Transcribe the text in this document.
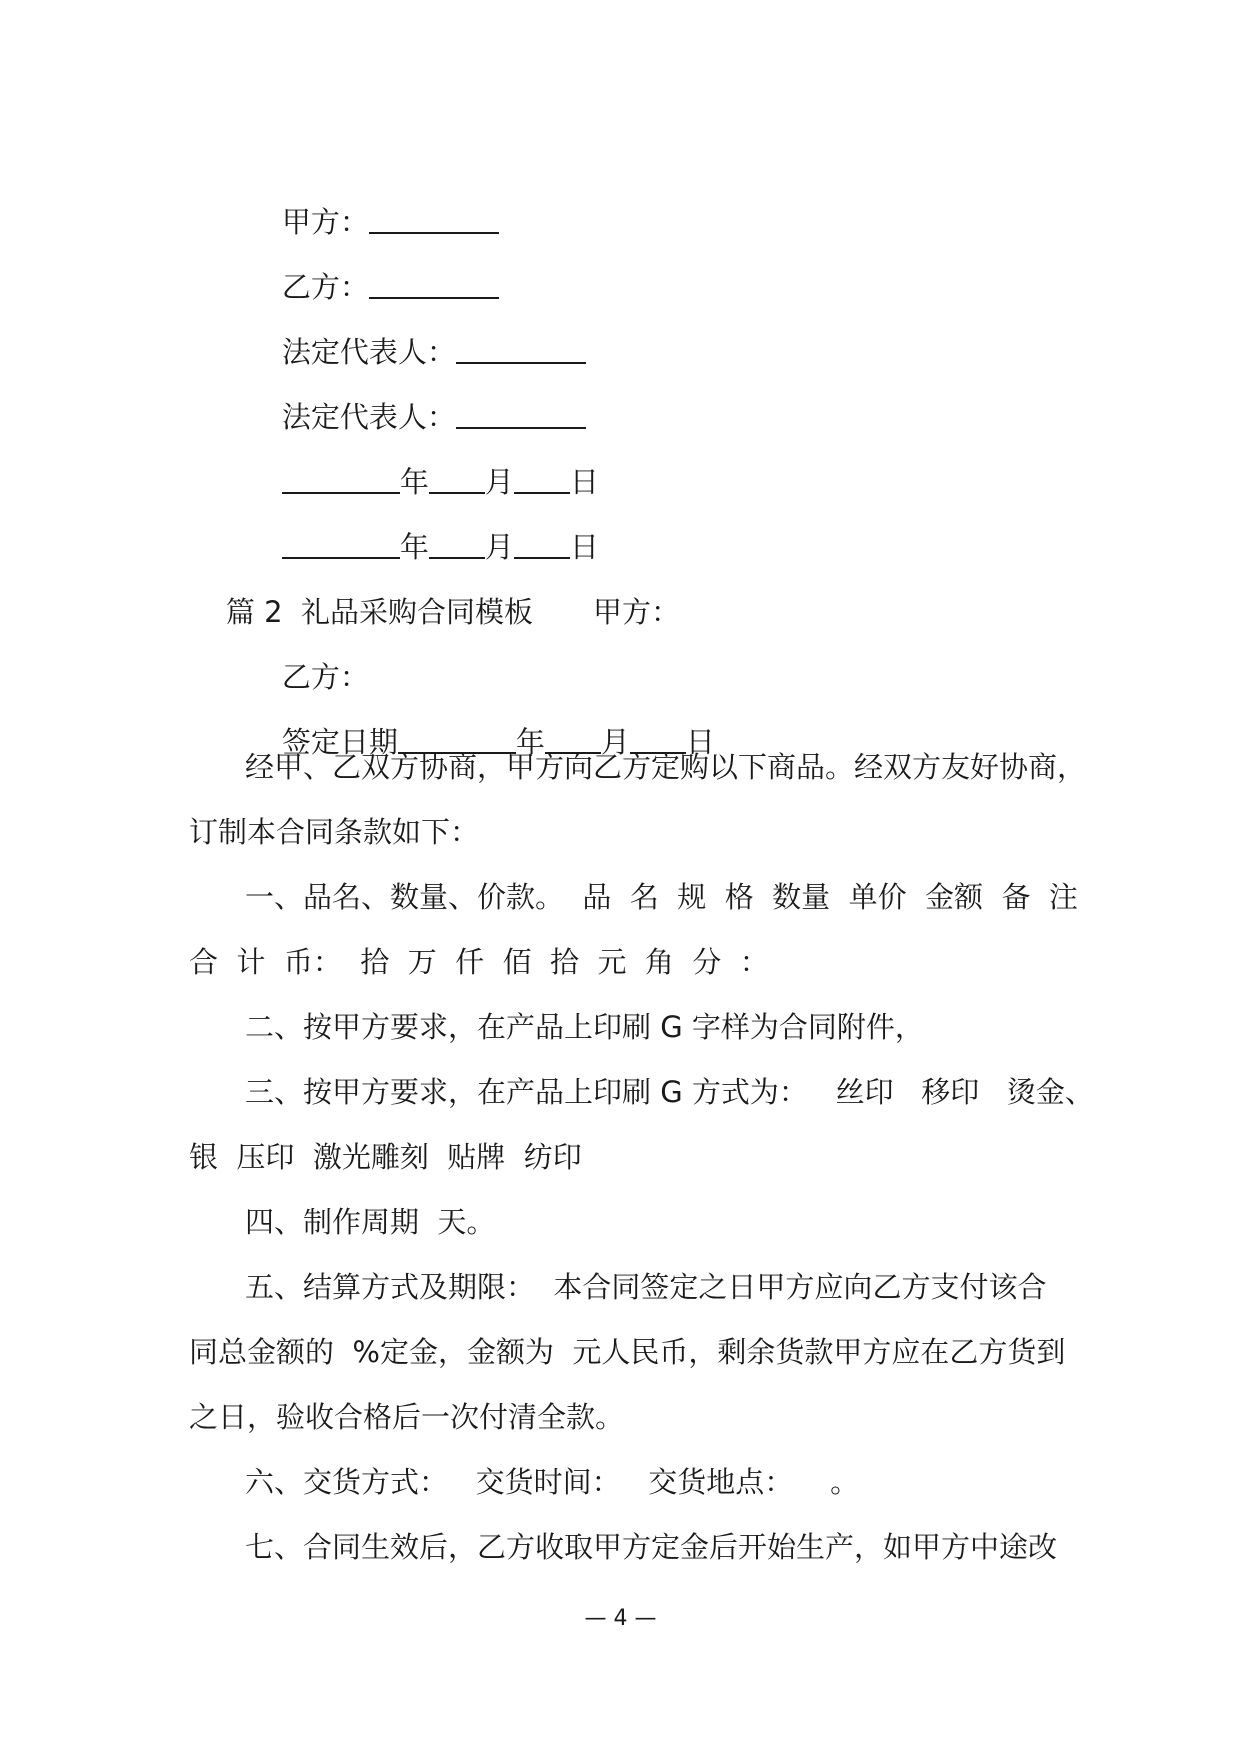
甲方：

乙方：

法定代表人：

法定代表人：

年 月 日

年 月 日

篇 2  礼品采购合同模板 甲方：

乙方：

签定日期	年 月 日

经甲、乙双方协商，甲方向乙方定购以下商品。经双方友好协商，
订制本合同条款如下：
一、品名、数量、价款。  品  名  规  格  数量  单价  金额  备  注
合  计  币：  拾  万  仟  佰  拾  元  角  分  ：
二、按甲方要求，在产品上印刷 G 字样为合同附件，
三、按甲方要求，在产品上印刷 G 方式为：   丝印   移印   烫金、
银  压印  激光雕刻  贴牌  纺印
四、制作周期  天。
五、结算方式及期限：  本合同签定之日甲方应向乙方支付该合
同总金额的  %定金，金额为  元人民币，剩余货款甲方应在乙方货到
之日，验收合格后一次付清全款。
六、交货方式：   交货时间：   交货地点：    。
七、合同生效后，乙方收取甲方定金后开始生产，如甲方中途改
— 4 —
